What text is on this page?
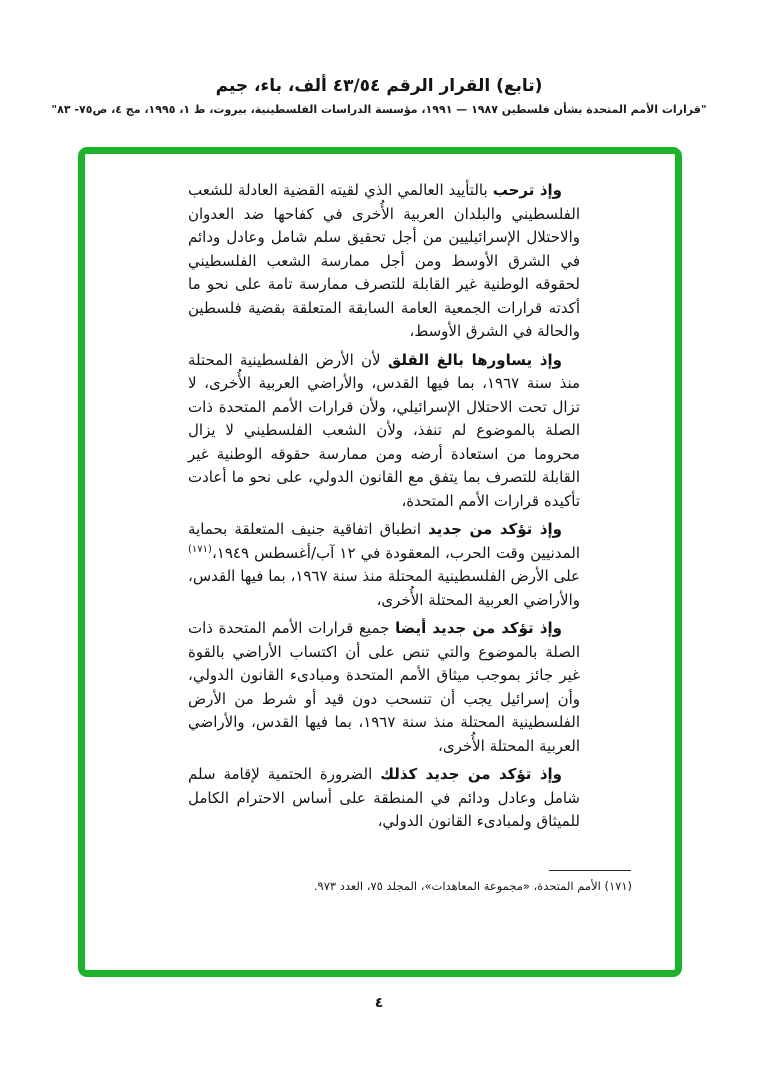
(تابع) القرار الرقم ٤٣/٥٤ ألف، باء، جيم
"قرارات الأمم المتحدة بشأن فلسطين ١٩٨٧ — ١٩٩١، مؤسسة الدراسات الفلسطينية، بيروت، ط ١، ١٩٩٥، مج ٤، ص٧٥- ٨٣"

وإذ ترحب بالتأييد العالمي الذي لقيته القضية العادلة للشعب الفلسطيني والبلدان العربية الأُخرى في كفاحها ضد العدوان والاحتلال الإسرائيليين من أجل تحقيق سلم شامل وعادل ودائم في الشرق الأوسط ومن أجل ممارسة الشعب الفلسطيني لحقوقه الوطنية غير القابلة للتصرف ممارسة تامة على نحو ما أكدته قرارات الجمعية العامة السابقة المتعلقة بقضية فلسطين والحالة في الشرق الأوسط،

وإذ يساورها بالغ القلق لأن الأرض الفلسطينية المحتلة منذ سنة ١٩٦٧، بما فيها القدس، والأراضي العربية الأُخرى، لا تزال تحت الاحتلال الإسرائيلي، ولأن قرارات الأمم المتحدة ذات الصلة بالموضوع لم تنفذ، ولأن الشعب الفلسطيني لا يزال محروما من استعادة أرضه ومن ممارسة حقوقه الوطنية غير القابلة للتصرف بما يتفق مع القانون الدولي، على نحو ما أعادت تأكيده قرارات الأمم المتحدة،

وإذ تؤكد من جديد انطباق اتفاقية جنيف المتعلقة بحماية المدنيين وقت الحرب، المعقودة في ١٢ آب/أغسطس ١٩٤٩،$^{(١٧١)}$ على الأرض الفلسطينية المحتلة منذ سنة ١٩٦٧، بما فيها القدس، والأراضي العربية المحتلة الأُخرى،

وإذ تؤكد من جديد أيضا جميع قرارات الأمم المتحدة ذات الصلة بالموضوع والتي تنص على أن اكتساب الأراضي بالقوة غير جائز بموجب ميثاق الأمم المتحدة ومبادىء القانون الدولي، وأن إسرائيل يجب أن تنسحب دون قيد أو شرط من الأرض الفلسطينية المحتلة منذ سنة ١٩٦٧، بما فيها القدس، والأراضي العربية المحتلة الأُخرى،

وإذ تؤكد من جديد كذلك الضرورة الحتمية لإقامة سلم شامل وعادل ودائم في المنطقة على أساس الاحترام الكامل للميثاق ولمبادىء القانون الدولي،

(١٧١) الأمم المتحدة، «مجموعة المعاهدات»، المجلد ٧٥، العدد ٩٧٣.
٤
